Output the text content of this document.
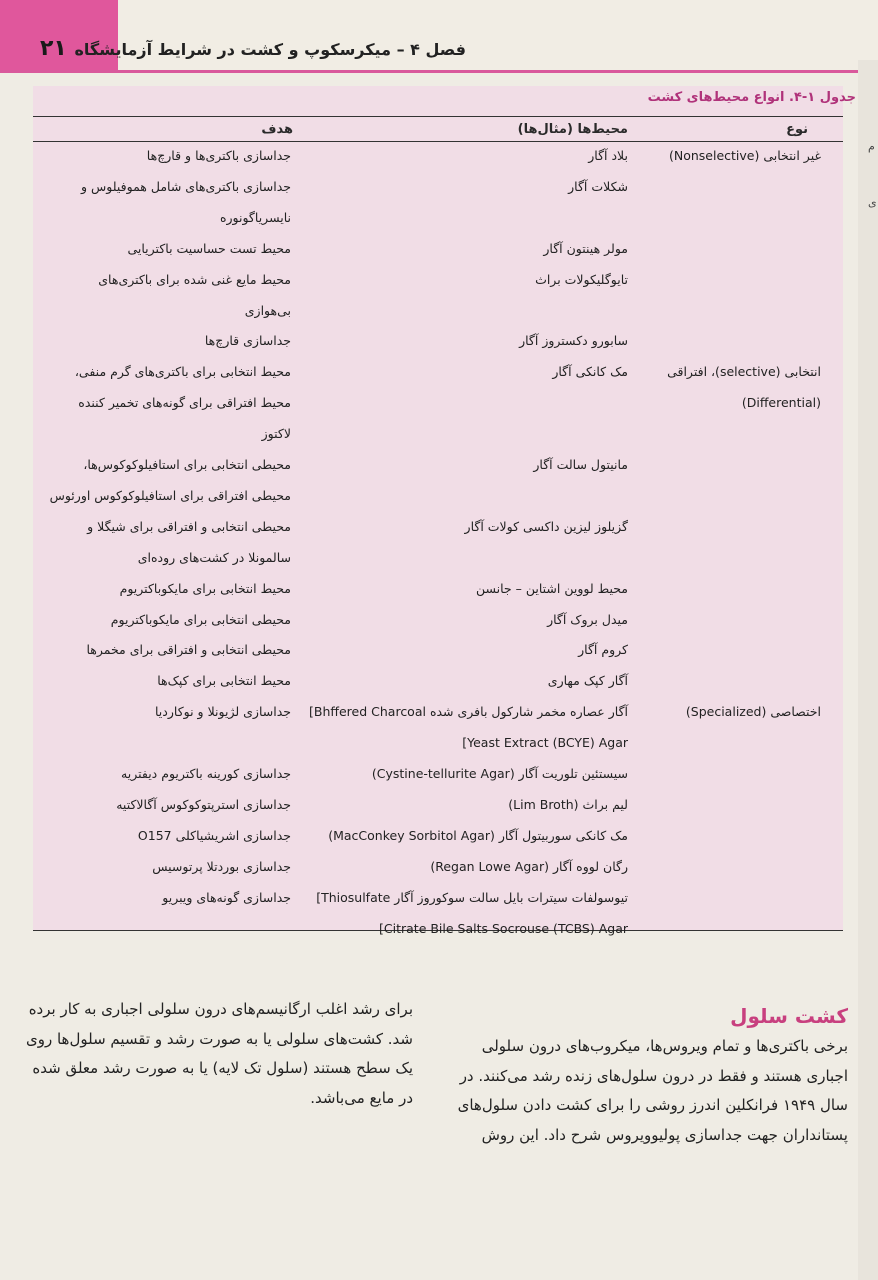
۲۱ فصل ۴ – میکرسکوپ و کشت در شرایط آزمایشگاه
م
ی
جدول ۱-۴. انواع محیط‌های کشت
نوع
محیط‌ها (مثال‌ها)
هدف
غیر انتخابی (Nonselective)
بلاد آگار
جداسازی باکتری‌ها و قارچ‌ها
شکلات آگار
جداسازی باکتری‌های شامل هموفیلوس و
نایسریاگونوره
مولر هینتون آگار
محیط تست حساسیت باکتریایی
تایوگلیکولات براث
محیط مایع غنی شده برای باکتری‌های
بی‌هوازی
سابورو دکستروز آگار
جداسازی قارچ‌ها
انتخابی (selective)، افتراقی
مک کانکی آگار
محیط انتخابی برای باکتری‌های گرم منفی،
(Differential)
محیط افتراقی برای گونه‌های تخمیر کننده
لاکتوز
مانیتول سالت آگار
محیطی انتخابی برای استافیلوکوکوس‌ها،
محیطی افتراقی برای استافیلوکوکوس اورئوس
گزیلوز لیزین داکسی کولات آگار
محیطی انتخابی و افتراقی برای شیگلا و
سالمونلا در کشت‌های روده‌ای
محیط لووین اشتاین – جانسن
محیط انتخابی برای مایکوباکتریوم
میدل بروک آگار
محیطی انتخابی برای مایکوباکتریوم
کروم آگار
محیطی انتخابی و افتراقی برای مخمرها
آگار کپک مهاری
محیط انتخابی برای کپک‌ها
اختصاصی (Specialized)
آگار عصاره مخمر شارکول بافری شده Bhffered Charcoal]
جداسازی لژیونلا و نوکاردیا
Yeast Extract (BCYE) Agar]
سیستئین تلوریت آگار (Cystine-tellurite Agar)
جداسازی کورینه باکتریوم دیفتریه
لیم براث (Lim Broth)
جداسازی استرپتوکوکوس آگالاکتیه
مک کانکی سوربیتول آگار (MacConkey Sorbitol Agar)
جداسازی اشریشیاکلی O157
رگان لووه آگار (Regan Lowe Agar)
جداسازی بوردتلا پرتوسیس
تیوسولفات سیترات بایل سالت سوکوروز آگار Thiosulfate]
جداسازی گونه‌های ویبریو
Citrate Bile Salts Socrouse (TCBS) Agar]
کشت سلول
برخی باکتری‌ها و تمام ویروس‌ها، میکروب‌های درون سلولی
اجباری هستند و فقط در درون سلول‌های زنده رشد می‌کنند. در
سال ۱۹۴۹ فرانکلین اندرز روشی را برای کشت دادن سلول‌های
پستانداران جهت جداسازی پولیوویروس شرح داد. این روش
برای رشد اغلب ارگانیسم‌های درون سلولی اجباری به کار برده
شد. کشت‌های سلولی یا به صورت رشد و تقسیم سلول‌ها روی
یک سطح هستند (سلول تک لایه) یا به صورت رشد معلق شده
در مایع می‌باشد.
